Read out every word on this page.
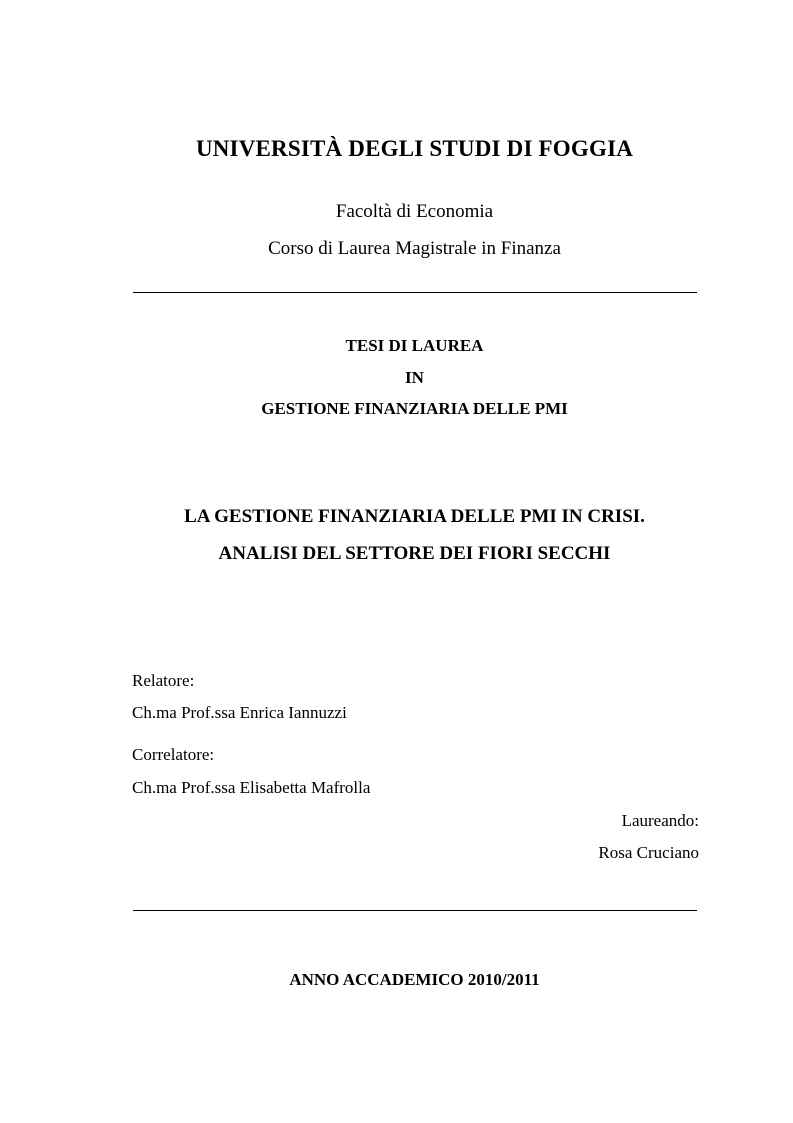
UNIVERSITÀ DEGLI STUDI DI FOGGIA
Facoltà di Economia
Corso di Laurea Magistrale in Finanza
TESI DI LAUREA
IN
GESTIONE FINANZIARIA DELLE PMI
LA GESTIONE FINANZIARIA DELLE PMI IN CRISI.
ANALISI DEL SETTORE DEI FIORI SECCHI
Relatore:
Ch.ma Prof.ssa Enrica Iannuzzi
Correlatore:
Ch.ma Prof.ssa Elisabetta Mafrolla
Laureando:
Rosa Cruciano
ANNO ACCADEMICO 2010/2011
